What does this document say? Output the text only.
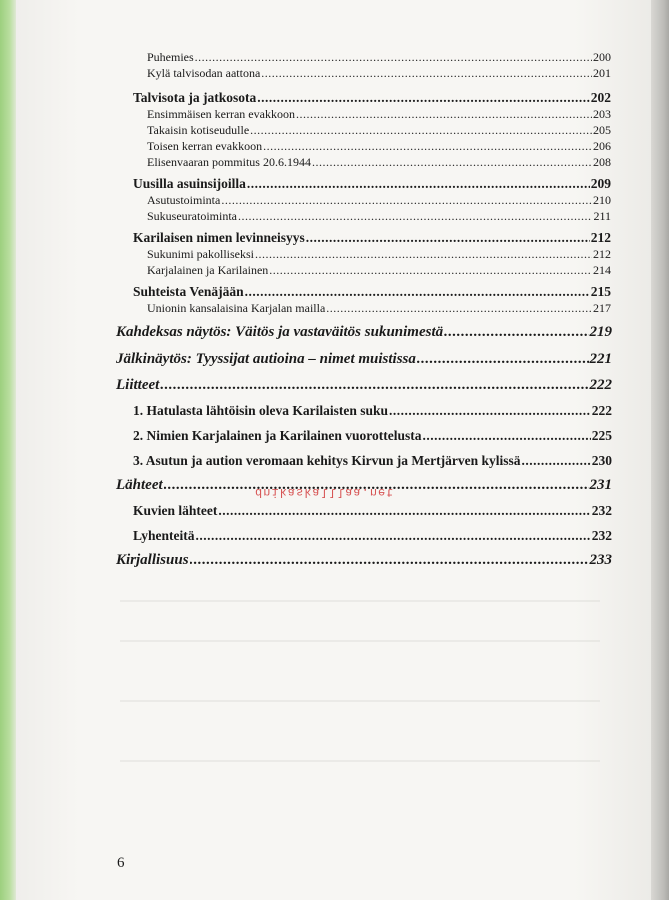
Puhemies .....	200
Kylä talvisodan aattona .....	201
Talvisota ja jatkosota .....	202
Ensimmäisen kerran evakkoon .....	203
Takaisin kotiseudulle .....	205
Toisen kerran evakkoon .....	206
Elisenvaaran pommitus 20.6.1944 .....	208
Uusilla asuinsijoilla .....	209
Asutustoiminta .....	210
Sukuseuratoiminta .....	211
Karilaisen nimen levinneisyys .....	212
Sukunimi pakolliseksi .....	212
Karjalainen ja Karilainen .....	214
Suhteista Venäjään .....	215
Unionin kansalaisina Karjalan mailla .....	217
Kahdeksas näytös: Väitös ja vastaväitös sukunimestä .....	219
Jälkinäytös: Tyyssijat autioina – nimet muistissa .....	221
Liitteet .....	222
1. Hatulasta lähtöisin oleva Karilaisten suku .....	222
2. Nimien Karjalainen ja Karilainen vuorottelusta .....	225
3. Asutun ja aution veromaan kehitys Kirvun ja Mertjärven kylissä .....	230
Lähteet .....	231
Kuvien lähteet .....	232
Lyhenteitä .....	232
Kirjallisuus .....	233
dnikaskalllaa.net
6
